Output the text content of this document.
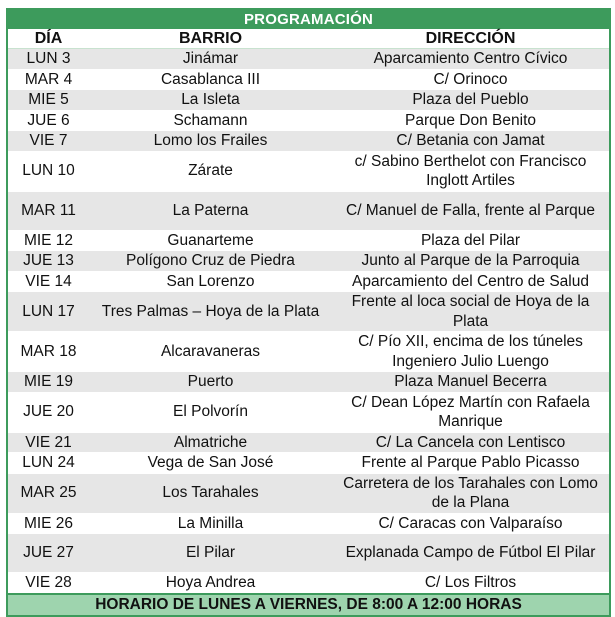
PROGRAMACIÓN		
DÍA	BARRIO	DIRECCIÓN
LUN 3	Jinámar	Aparcamiento Centro Cívico
MAR 4	Casablanca III	C/ Orinoco
MIE 5	La Isleta	Plaza del Pueblo
JUE 6	Schamann	Parque Don Benito
VIE 7	Lomo los Frailes	C/ Betania con Jamat
LUN 10	Zárate	c/ Sabino Berthelot con Francisco Inglott Artiles
MAR 11	La Paterna	C/ Manuel de Falla, frente al Parque
MIE 12	Guanarteme	Plaza del Pilar
JUE 13	Polígono Cruz de Piedra	Junto al Parque de la Parroquia
VIE 14	San Lorenzo	Aparcamiento del Centro de Salud
LUN 17	Tres Palmas – Hoya de la Plata	Frente al loca social de Hoya de la Plata
MAR 18	Alcaravaneras	C/ Pío XII, encima de los túneles Ingeniero Julio Luengo
MIE 19	Puerto	Plaza Manuel Becerra
JUE 20	El Polvorín	C/ Dean López Martín con Rafaela Manrique
VIE 21	Almatriche	C/ La Cancela con Lentisco
LUN 24	Vega de San José	Frente al Parque Pablo Picasso
MAR 25	Los Tarahales	Carretera de los Tarahales con Lomo de la Plana
MIE 26	La Minilla	C/ Caracas con Valparaíso
JUE 27	El Pilar	Explanada Campo de Fútbol El Pilar
VIE 28	Hoya Andrea	C/ Los Filtros
HORARIO DE LUNES A VIERNES, DE 8:00 A 12:00 HORAS		
